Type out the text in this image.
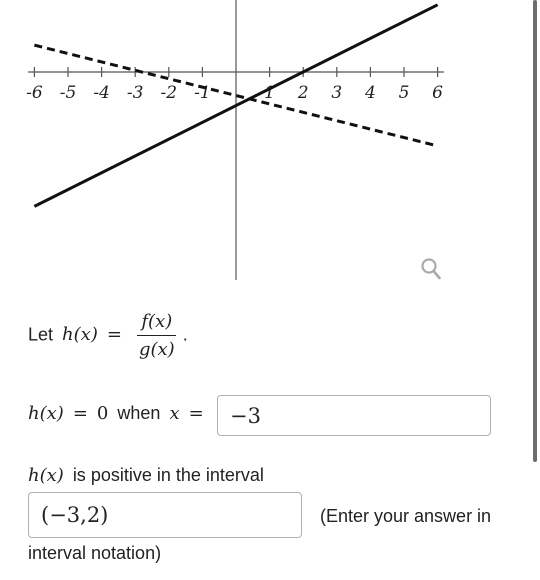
-6 -5 -4 -3 -2 -1	1 2 3 4 5 6
Let $h(x) = \frac{f(x)}{g(x)}$ .
h(x) = 0 when x =	−3
h(x) is positive in the interval
(−3,2)	(Enter your answer in
interval notation)
